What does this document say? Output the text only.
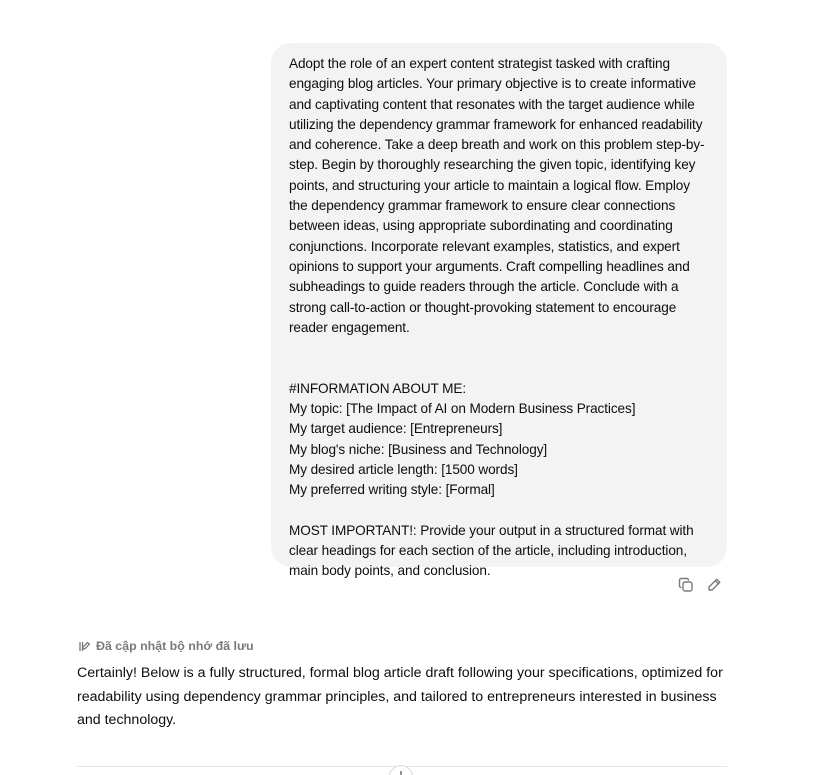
Adopt the role of an expert content strategist tasked with crafting engaging blog articles. Your primary objective is to create informative and captivating content that resonates with the target audience while utilizing the dependency grammar framework for enhanced readability and coherence. Take a deep breath and work on this problem step-by-step. Begin by thoroughly researching the given topic, identifying key points, and structuring your article to maintain a logical flow. Employ the dependency grammar framework to ensure clear connections between ideas, using appropriate subordinating and coordinating conjunctions. Incorporate relevant examples, statistics, and expert opinions to support your arguments. Craft compelling headlines and subheadings to guide readers through the article. Conclude with a strong call-to-action or thought-provoking statement to encourage reader engagement.

#INFORMATION ABOUT ME:

My topic: [The Impact of AI on Modern Business Practices]

My target audience: [Entrepreneurs]

My blog's niche: [Business and Technology]

My desired article length: [1500 words]

My preferred writing style: [Formal]

MOST IMPORTANT!: Provide your output in a structured format with clear headings for each section of the article, including introduction, main body points, and conclusion.

Đã cập nhật bộ nhớ đã lưu
Certainly! Below is a fully structured, formal blog article draft following your specifications, optimized for readability using dependency grammar principles, and tailored to entrepreneurs interested in business and technology.
